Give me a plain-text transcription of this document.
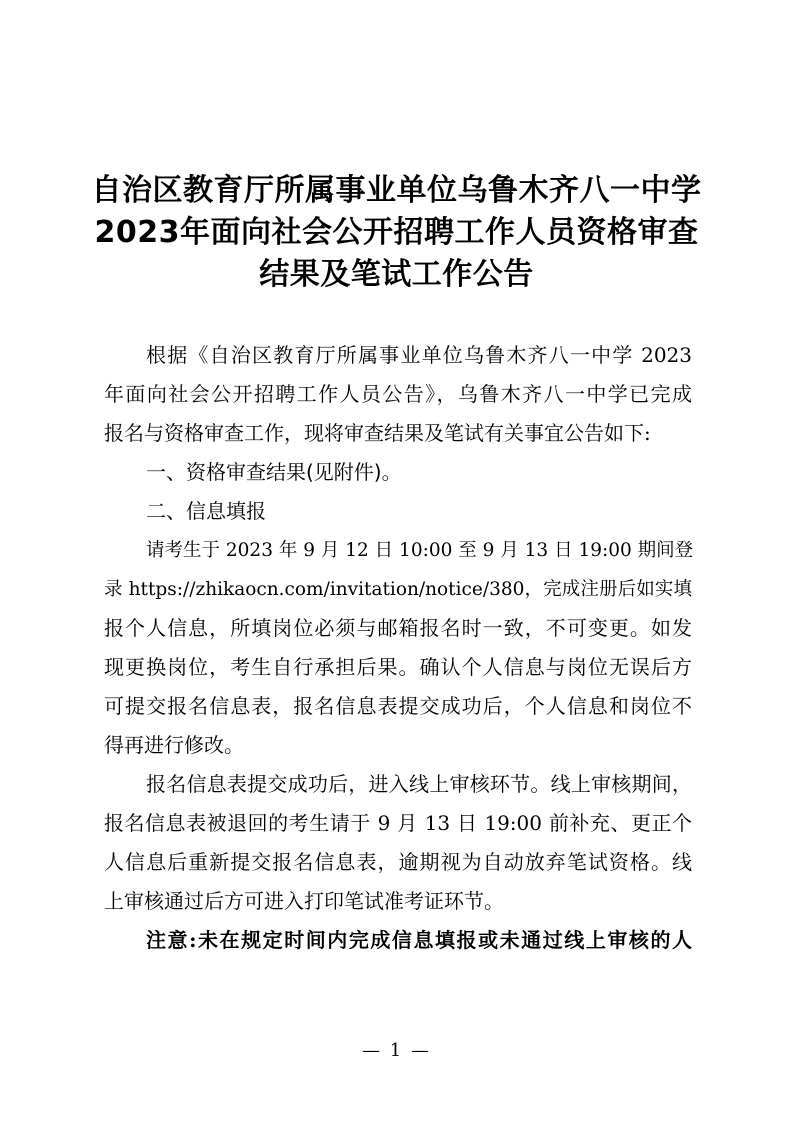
自治区教育厅所属事业单位乌鲁木齐八一中学
2023年面向社会公开招聘工作人员资格审查
结果及笔试工作公告
根据《自治区教育厅所属事业单位乌鲁木齐八一中学 2023
年面向社会公开招聘工作人员公告》，乌鲁木齐八一中学已完成
报名与资格审查工作，现将审查结果及笔试有关事宜公告如下:
一、资格审查结果(见附件)。
二、信息填报
请考生于 2023 年 9 月 12 日 10:00 至 9 月 13 日 19:00 期间登
录 https://zhikaocn.com/invitation/notice/380，完成注册后如实填
报个人信息，所填岗位必须与邮箱报名时一致，不可变更。如发
现更换岗位，考生自行承担后果。确认个人信息与岗位无误后方
可提交报名信息表，报名信息表提交成功后，个人信息和岗位不
得再进行修改。
报名信息表提交成功后，进入线上审核环节。线上审核期间，
报名信息表被退回的考生请于 9 月 13 日 19:00 前补充、更正个
人信息后重新提交报名信息表，逾期视为自动放弃笔试资格。线
上审核通过后方可进入打印笔试准考证环节。
注意:未在规定时间内完成信息填报或未通过线上审核的人
— 1 —
